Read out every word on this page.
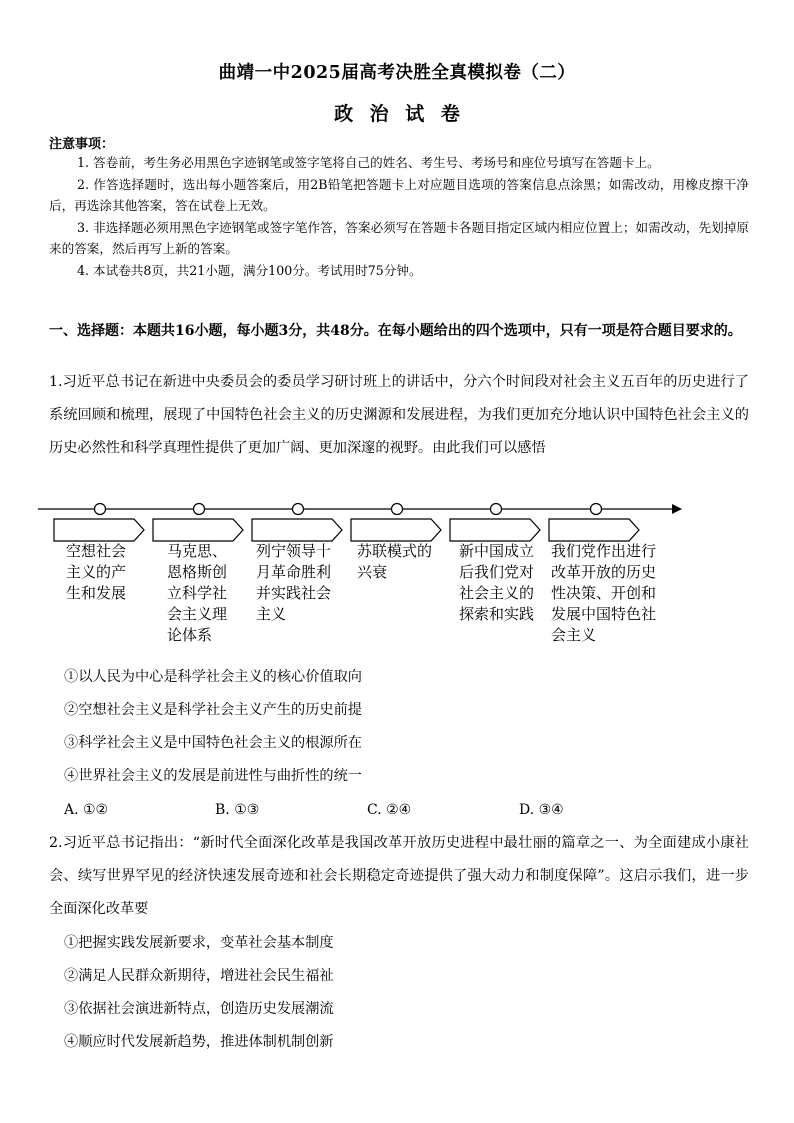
曲靖一中2025届高考决胜全真模拟卷（二）
政 治 试 卷
注意事项：

1. 答卷前，考生务必用黑色字迹钢笔或签字笔将自己的姓名、考生号、考场号和座位号填写在答题卡上。

2. 作答选择题时，选出每小题答案后，用2B铅笔把答题卡上对应题目选项的答案信息点涂黑；如需改动，用橡皮擦干净后，再选涂其他答案，答在试卷上无效。

3. 非选择题必须用黑色字迹钢笔或签字笔作答，答案必须写在答题卡各题目指定区域内相应位置上；如需改动，先划掉原来的答案，然后再写上新的答案。

4. 本试卷共8页，共21小题，满分100分。考试用时75分钟。

一、选择题：本题共16小题，每小题3分，共48分。在每小题给出的四个选项中，只有一项是符合题目要求的。
1.习近平总书记在新进中央委员会的委员学习研讨班上的讲话中，分六个时间段对社会主义五百年的历史进行了系统回顾和梳理，展现了中国特色社会主义的历史渊源和发展进程，为我们更加充分地认识中国特色社会主义的历史必然性和科学真理性提供了更加广阔、更加深邃的视野。由此我们可以感悟
空想社会
主义的产
生和发展
马克思、
恩格斯创
立科学社
会主义理
论体系
列宁领导十
月革命胜利
并实践社会
主义
苏联模式的
兴衰
新中国成立
后我们党对
社会主义的
探索和实践
我们党作出进行
改革开放的历史
性决策、开创和
发展中国特色社
会主义
①以人民为中心是科学社会主义的核心价值取向
②空想社会主义是科学社会主义产生的历史前提
③科学社会主义是中国特色社会主义的根源所在
④世界社会主义的发展是前进性与曲折性的统一
A. ①②	B. ①③	C. ②④	D. ③④
2.习近平总书记指出：“新时代全面深化改革是我国改革开放历史进程中最壮丽的篇章之一、为全面建成小康社会、续写世界罕见的经济快速发展奇迹和社会长期稳定奇迹提供了强大动力和制度保障”。这启示我们，进一步全面深化改革要
①把握实践发展新要求，变革社会基本制度
②满足人民群众新期待，增进社会民生福祉
③依据社会演进新特点，创造历史发展潮流
④顺应时代发展新趋势，推进体制机制创新
